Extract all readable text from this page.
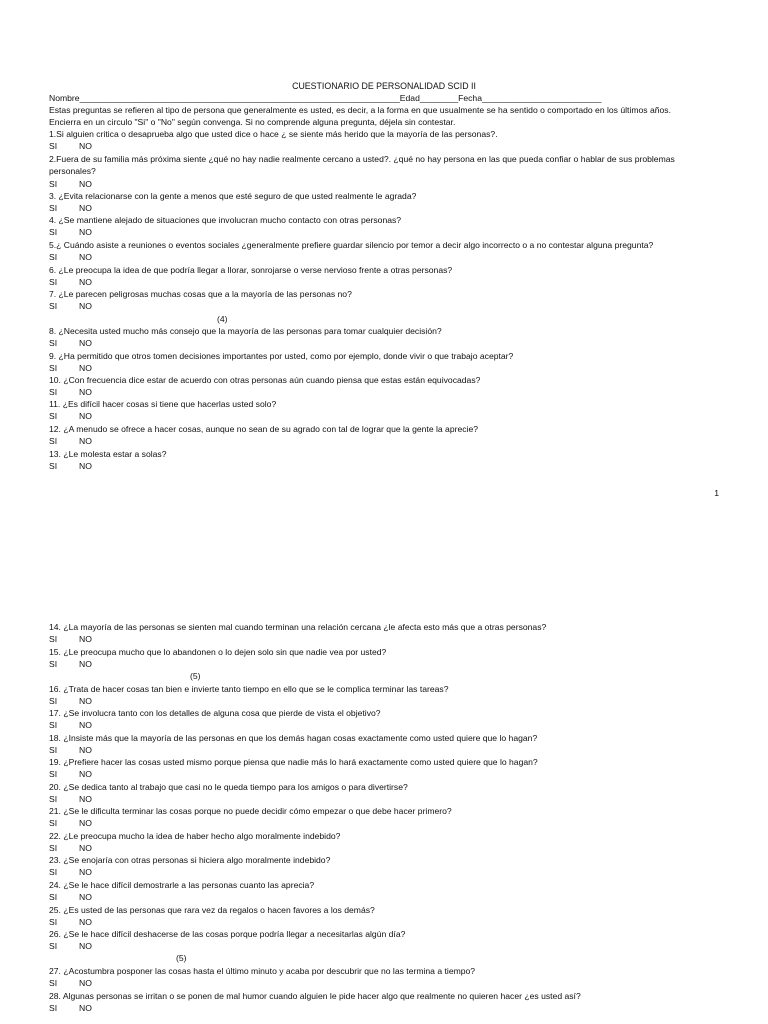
CUESTIONARIO DE PERSONALIDAD SCID II
Nombre___________________________________________________________________Edad________Fecha_________________________
Estas preguntas se refieren al tipo de persona que generalmente es usted, es decir, a la forma en que usualmente se ha sentido o comportado en los últimos años.
Encierra en un circulo "Si" o "No" según convenga. Si no comprende alguna pregunta, déjela sin contestar.
1.Si alguien critica o desaprueba algo que usted dice o hace ¿ se siente más herido que la mayoría de las personas?.
SI	NO
2.Fuera de su familia más próxima siente ¿qué no hay nadie realmente cercano a usted?. ¿qué no hay persona en las que pueda confiar o hablar de sus problemas personales?
SI	NO
3. ¿Evita relacionarse con la gente a menos que esté seguro de que usted realmente le agrada?
SI	NO
4. ¿Se mantiene alejado de situaciones que involucran mucho contacto con otras personas?
SI	NO
5.¿ Cuándo asiste a reuniones o eventos sociales ¿generalmente prefiere guardar silencio por temor a decir algo incorrecto o a no contestar alguna pregunta?
SI	NO
6. ¿Le preocupa la idea de que podría llegar a llorar, sonrojarse o verse nervioso frente a otras personas?
SI	NO
7. ¿Le parecen peligrosas muchas cosas que a la mayoría de las personas no?
SI	NO
(4)
8. ¿Necesita usted mucho más consejo que la mayoría de las personas para tomar cualquier decisión?
SI	NO
9. ¿Ha permitido que otros tomen decisiones importantes por usted, como por ejemplo, donde vivir o que trabajo aceptar?
SI	NO
10. ¿Con frecuencia dice estar de acuerdo con otras personas aún cuando piensa que estas están equivocadas?
SI	NO
11. ¿Es difícil hacer cosas si tiene que hacerlas usted solo?
SI	NO
12. ¿A menudo se ofrece a hacer cosas, aunque no sean de su agrado con tal de lograr que la gente la aprecie?
SI	NO
13. ¿Le molesta estar a solas?
SI	NO
1
14. ¿La mayoría de las personas se sienten mal cuando terminan una relación cercana ¿le afecta esto más que a otras personas?
SI	NO
15. ¿Le preocupa mucho que lo abandonen o lo dejen solo sin que nadie vea por usted?
SI	NO
(5)
16. ¿Trata de hacer cosas tan bien e invierte tanto tiempo en ello que se le complica terminar las tareas?
SI	NO
17. ¿Se involucra tanto con los detalles de alguna cosa que pierde de vista el objetivo?
SI	NO
18. ¿Insiste más que la mayoría de las personas en que los demás hagan cosas exactamente como usted quiere que lo hagan?
SI	NO
19. ¿Prefiere hacer las cosas usted mismo porque piensa que nadie más lo hará exactamente como usted quiere que lo hagan?
SI	NO
20. ¿Se dedica tanto al trabajo que casi no le queda tiempo para los amigos o para divertirse?
SI	NO
21. ¿Se le dificulta terminar las cosas porque no puede decidir cómo empezar o que debe hacer primero?
SI	NO
22. ¿Le preocupa mucho la idea de haber hecho algo moralmente indebido?
SI	NO
23. ¿Se enojaría con otras personas si hiciera algo moralmente indebido?
SI	NO
24. ¿Se le hace difícil demostrarle a las personas cuanto las aprecia?
SI	NO
25. ¿Es usted de las personas que rara vez da regalos o hacen favores a los demás?
SI	NO
26. ¿Se le hace difícil deshacerse de las cosas porque podría llegar a necesitarlas algún día?
SI	NO
(5)
27. ¿Acostumbra posponer las cosas hasta el último minuto y acaba por descubrir que no las termina a tiempo?
SI	NO
28. Algunas personas se irritan o se ponen de mal humor cuando alguien le pide hacer algo que realmente no quieren hacer ¿es usted así?
SI	NO
